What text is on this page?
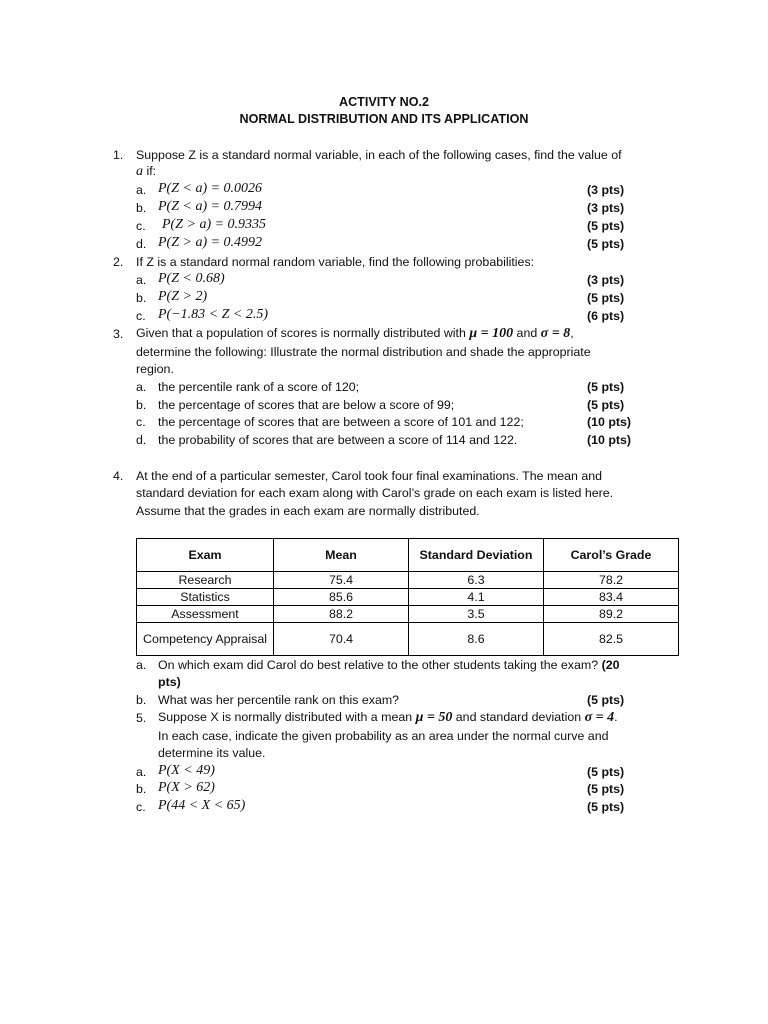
ACTIVITY NO.2
NORMAL DISTRIBUTION AND ITS APPLICATION
1. Suppose Z is a standard normal variable, in each of the following cases, find the value of
a if:
a. P(Z < a) = 0.0026	(3 pts)
b. P(Z < a) = 0.7994	(3 pts)
c. P(Z > a) = 0.9335	(5 pts)
d. P(Z > a) = 0.4992	(5 pts)
2. If Z is a standard normal random variable, find the following probabilities:
a. P(Z < 0.68)	(3 pts)
b. P(Z > 2)	(5 pts)
c. P(−1.83 < Z < 2.5)	(6 pts)
3. Given that a population of scores is normally distributed with μ = 100 and σ = 8,
determine the following: Illustrate the normal distribution and shade the appropriate
region.
a. the percentile rank of a score of 120;	(5 pts)
b. the percentage of scores that are below a score of 99;	(5 pts)
c. the percentage of scores that are between a score of 101 and 122;	(10 pts)
d. the probability of scores that are between a score of 114 and 122.	(10 pts)
4. At the end of a particular semester, Carol took four final examinations. The mean and
standard deviation for each exam along with Carol’s grade on each exam is listed here.
Assume that the grades in each exam are normally distributed.
Exam	Mean	Standard Deviation	Carol’s Grade
Research	75.4	6.3	78.2
Statistics	85.6	4.1	83.4
Assessment	88.2	3.5	89.2
Competency Appraisal	70.4	8.6	82.5
a. On which exam did Carol do best relative to the other students taking the exam? (20
pts)
b. What was her percentile rank on this exam?	(5 pts)
5. Suppose X is normally distributed with a mean μ = 50 and standard deviation σ = 4.
In each case, indicate the given probability as an area under the normal curve and
determine its value.
a. P(X < 49)	(5 pts)
b. P(X > 62)	(5 pts)
c. P(44 < X < 65)	(5 pts)
